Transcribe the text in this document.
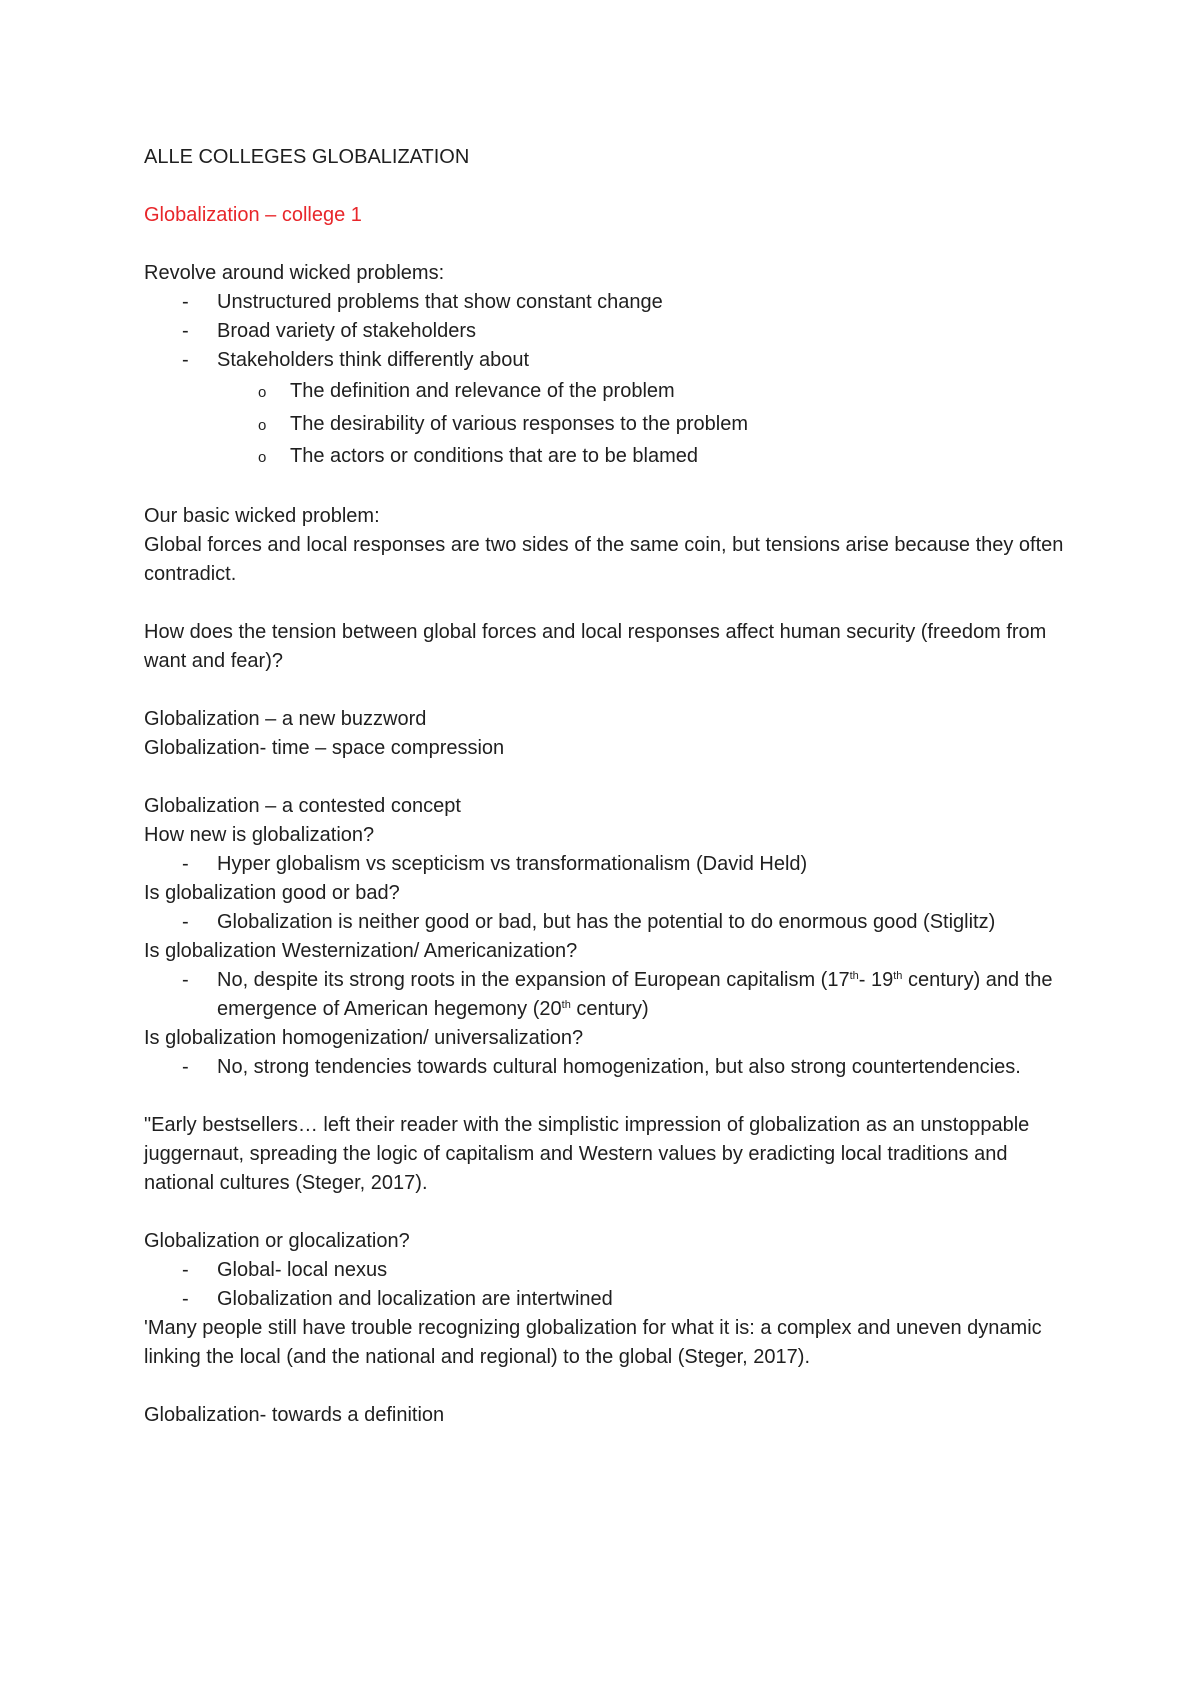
ALLE COLLEGES GLOBALIZATION

Globalization – college 1

Revolve around wicked problems:

- Unstructured problems that show constant change

- Broad variety of stakeholders

- Stakeholders think differently about

o The definition and relevance of the problem

o The desirability of various responses to the problem

o The actors or conditions that are to be blamed

Our basic wicked problem:

Global forces and local responses are two sides of the same coin, but tensions arise because they often contradict.

How does the tension between global forces and local responses affect human security (freedom from want and fear)?

Globalization – a new buzzword

Globalization- time – space compression

Globalization – a contested concept

How new is globalization?

- Hyper globalism vs scepticism vs transformationalism (David Held)

Is globalization good or bad?

- Globalization is neither good or bad, but has the potential to do enormous good (Stiglitz)

Is globalization Westernization/ Americanization?

- No, despite its strong roots in the expansion of European capitalism (17th- 19th century) and the emergence of American hegemony (20th century)

Is globalization homogenization/ universalization?

- No, strong tendencies towards cultural homogenization, but also strong countertendencies.

"Early bestsellers… left their reader with the simplistic impression of globalization as an unstoppable juggernaut, spreading the logic of capitalism and Western values by eradicting local traditions and national cultures (Steger, 2017).

Globalization or glocalization?

- Global- local nexus

- Globalization and localization are intertwined

'Many people still have trouble recognizing globalization for what it is: a complex and uneven dynamic linking the local (and the national and regional) to the global (Steger, 2017).

Globalization- towards a definition
